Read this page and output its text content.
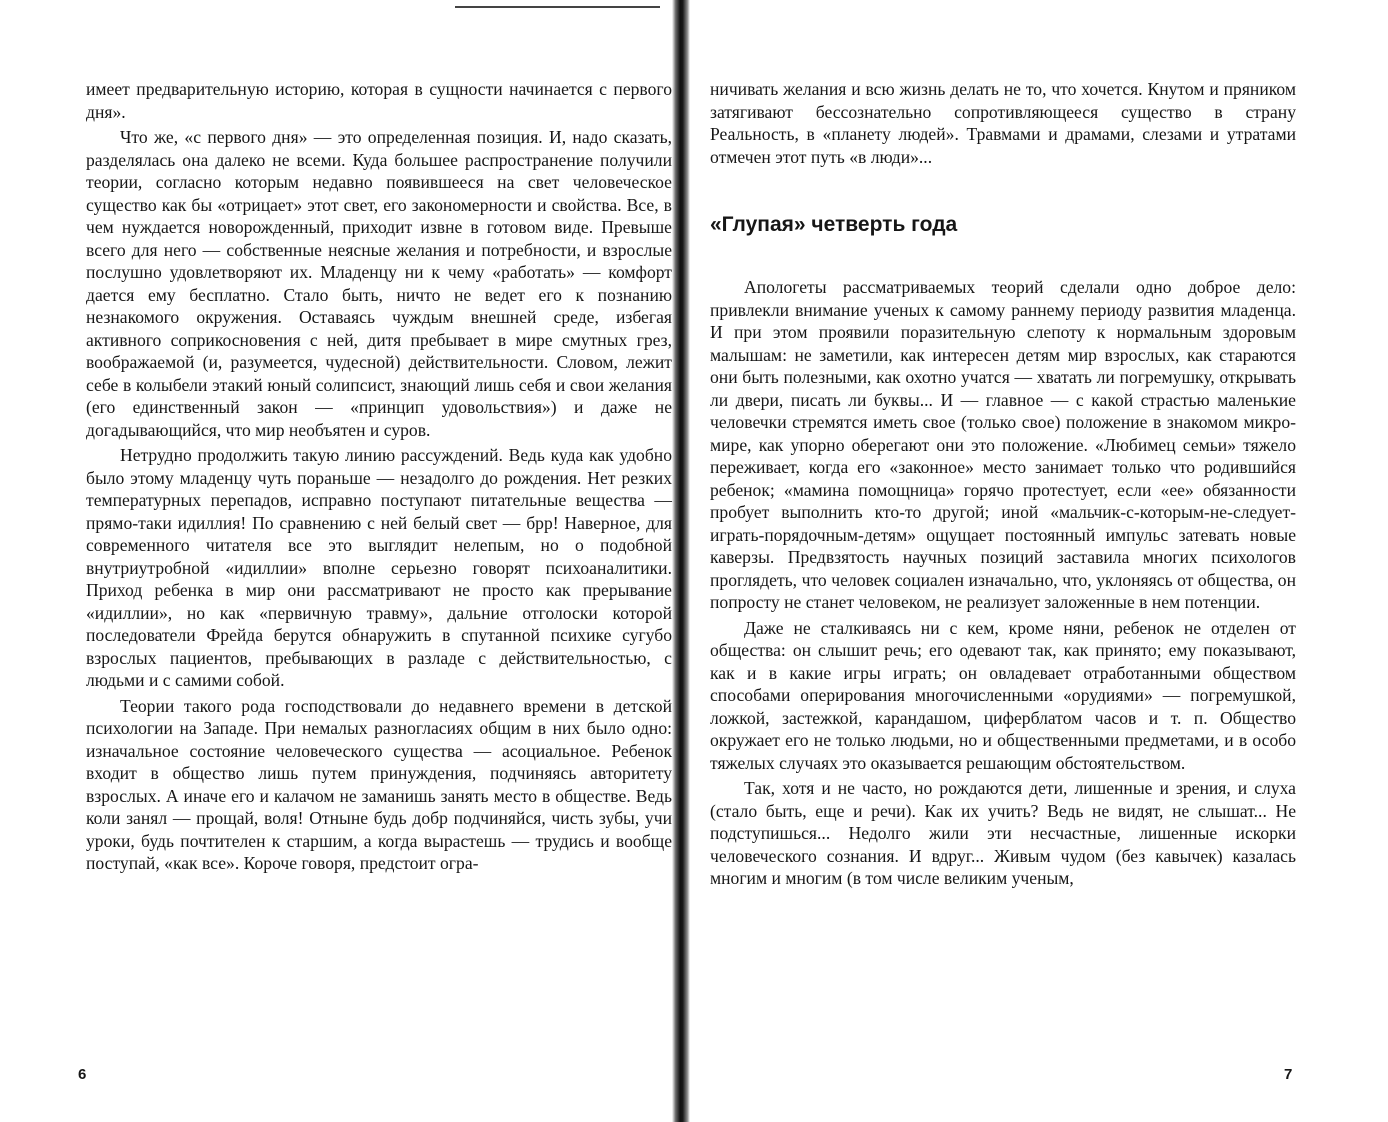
имеет предварительную историю, которая в сущности начинается с первого дня».

Что же, «с первого дня» — это определенная позиция. И, надо сказать, разделялась она далеко не всеми. Куда большее распространение получили теории, согласно которым недавно появившееся на свет человеческое существо как бы «отрицает» этот свет, его закономерности и свойства. Все, в чем нуждается новорожденный, приходит извне в готовом виде. Превыше всего для него — собственные неясные желания и потребности, и взрослые послушно удовлетворяют их. Младенцу ни к чему «работать» — комфорт дается ему бесплатно. Стало быть, ничто не ведет его к познанию незнакомого окружения. Оставаясь чуждым внешней среде, избегая активного соприкосновения с ней, дитя пребывает в мире смутных грез, воображаемой (и, разумеется, чудесной) действительности. Словом, лежит себе в колыбели этакий юный солипсист, знающий лишь себя и свои желания (его единственный закон — «принцип удовольствия») и даже не догадывающийся, что мир необъятен и суров.

Нетрудно продолжить такую линию рассуждений. Ведь куда как удобно было этому младенцу чуть пораньше — незадолго до рождения. Нет резких температурных перепадов, исправно поступают питательные вещества — прямо-таки идиллия! По сравнению с ней белый свет — брр! Наверное, для современного читателя все это выглядит нелепым, но о подобной внутриутробной «идиллии» вполне серьезно говорят психоаналитики. Приход ребенка в мир они рассматривают не просто как прерывание «идиллии», но как «первичную травму», дальние отголоски которой последователи Фрейда берутся обнаружить в спутанной психике сугубо взрослых пациентов, пребывающих в разладе с действительностью, с людьми и с самими собой.

Теории такого рода господствовали до недавнего времени в детской психологии на Западе. При немалых разногласиях общим в них было одно: изначальное состояние человеческого существа — асоциальное. Ребенок входит в общество лишь путем принуждения, подчиняясь авторитету взрослых. А иначе его и калачом не заманишь занять место в обществе. Ведь коли занял — прощай, воля! Отныне будь добр подчиняйся, чисть зубы, учи уроки, будь почтителен к старшим, а когда вырастешь — трудись и вообще поступай, «как все». Короче говоря, предстоит огра-

6

ничивать желания и всю жизнь делать не то, что хочется. Кнутом и пряником затягивают бессознательно сопротивляющееся существо в страну Реальность, в «планету людей». Травмами и драмами, слезами и утратами отмечен этот путь «в люди»...

«Глупая» четверть года

Апологеты рассматриваемых теорий сделали одно доброе дело: привлекли внимание ученых к самому раннему периоду развития младенца. И при этом проявили поразительную слепоту к нормальным здоровым малышам: не заметили, как интересен детям мир взрослых, как стараются они быть полезными, как охотно учатся — хватать ли погремушку, открывать ли двери, писать ли буквы... И — главное — с какой страстью маленькие человечки стремятся иметь свое (только свое) положение в знакомом микромире, как упорно оберегают они это положение. «Любимец семьи» тяжело переживает, когда его «законное» место занимает только что родившийся ребенок; «мамина помощница» горячо протестует, если «ее» обязанности пробует выполнить кто-то другой; иной «мальчик-с-которым-не-следует-играть-порядочным-детям» ощущает постоянный импульс затевать новые каверзы. Предвзятость научных позиций заставила многих психологов проглядеть, что человек социален изначально, что, уклоняясь от общества, он попросту не станет человеком, не реализует заложенные в нем потенции.

Даже не сталкиваясь ни с кем, кроме няни, ребенок не отделен от общества: он слышит речь; его одевают так, как принято; ему показывают, как и в какие игры играть; он овладевает отработанными обществом способами оперирования многочисленными «орудиями» — погремушкой, ложкой, застежкой, карандашом, циферблатом часов и т. п. Общество окружает его не только людьми, но и общественными предметами, и в особо тяжелых случаях это оказывается решающим обстоятельством.

Так, хотя и не часто, но рождаются дети, лишенные и зрения, и слуха (стало быть, еще и речи). Как их учить? Ведь не видят, не слышат... Не подступишься... Недолго жили эти несчастные, лишенные искорки человеческого сознания. И вдруг... Живым чудом (без кавычек) казалась многим и многим (в том числе великим ученым,

7
